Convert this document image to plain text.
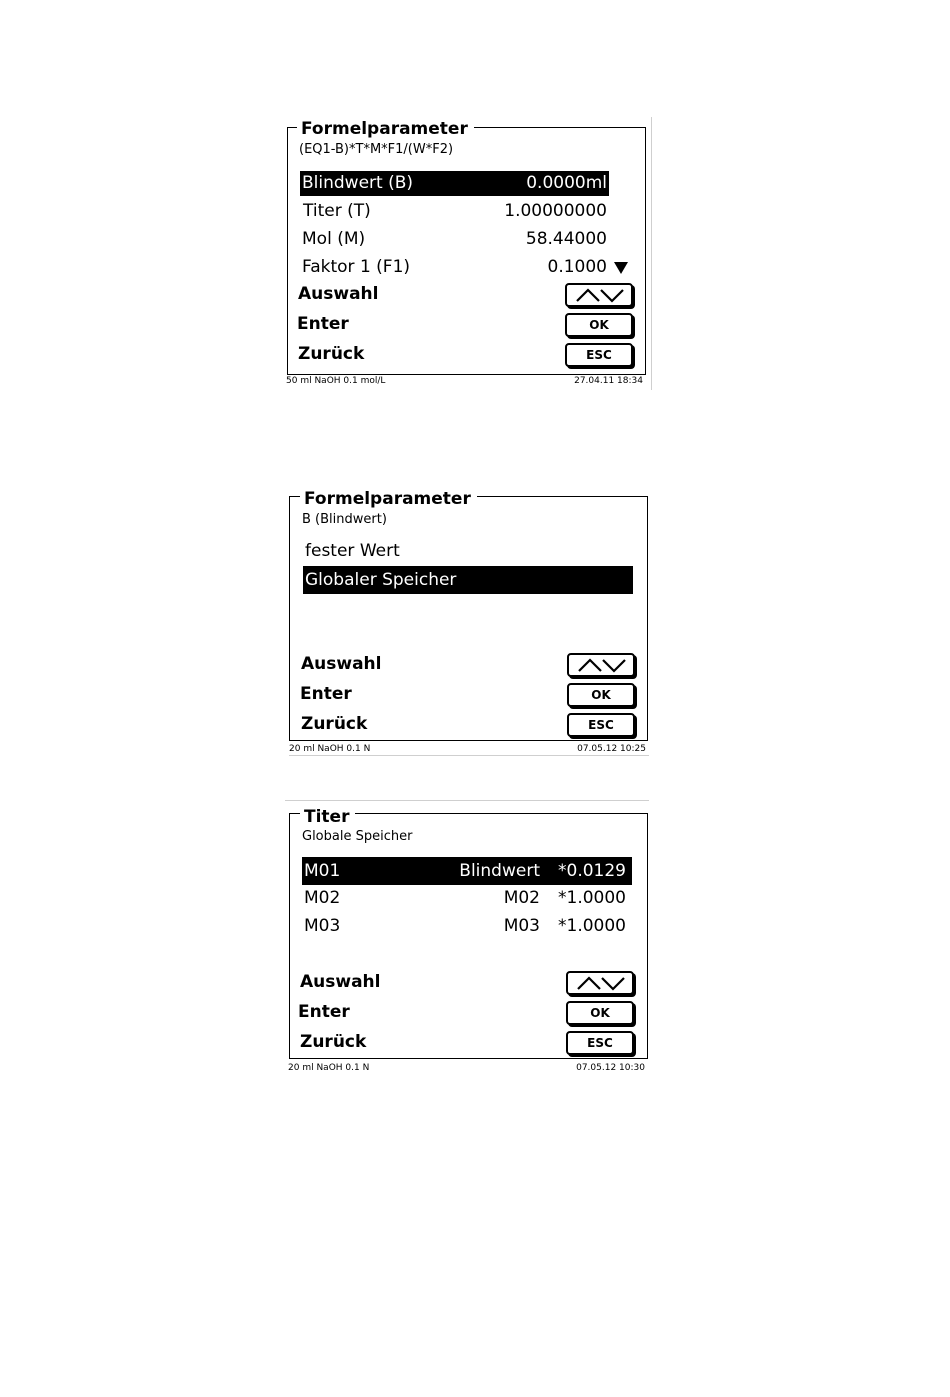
Formelparameter
(EQ1-B)*T*M*F1/(W*F2)
Blindwert (B)	0.0000ml
Titer (T)	1.00000000
Mol (M)	58.44000
Faktor 1 (F1)	0.1000
Auswahl
Enter	OK
Zurück	ESC
50 ml NaOH 0.1 mol/L	27.04.11 18:34
Formelparameter
B (Blindwert)
fester Wert
Globaler Speicher
Auswahl
Enter	OK
Zurück	ESC
20 ml NaOH 0.1 N	07.05.12 10:25
Titer
Globale Speicher
M01	Blindwert *0.0129
M02	M02 *1.0000
M03	M03 *1.0000
Auswahl
Enter	OK
Zurück	ESC
20 ml NaOH 0.1 N	07.05.12 10:30
